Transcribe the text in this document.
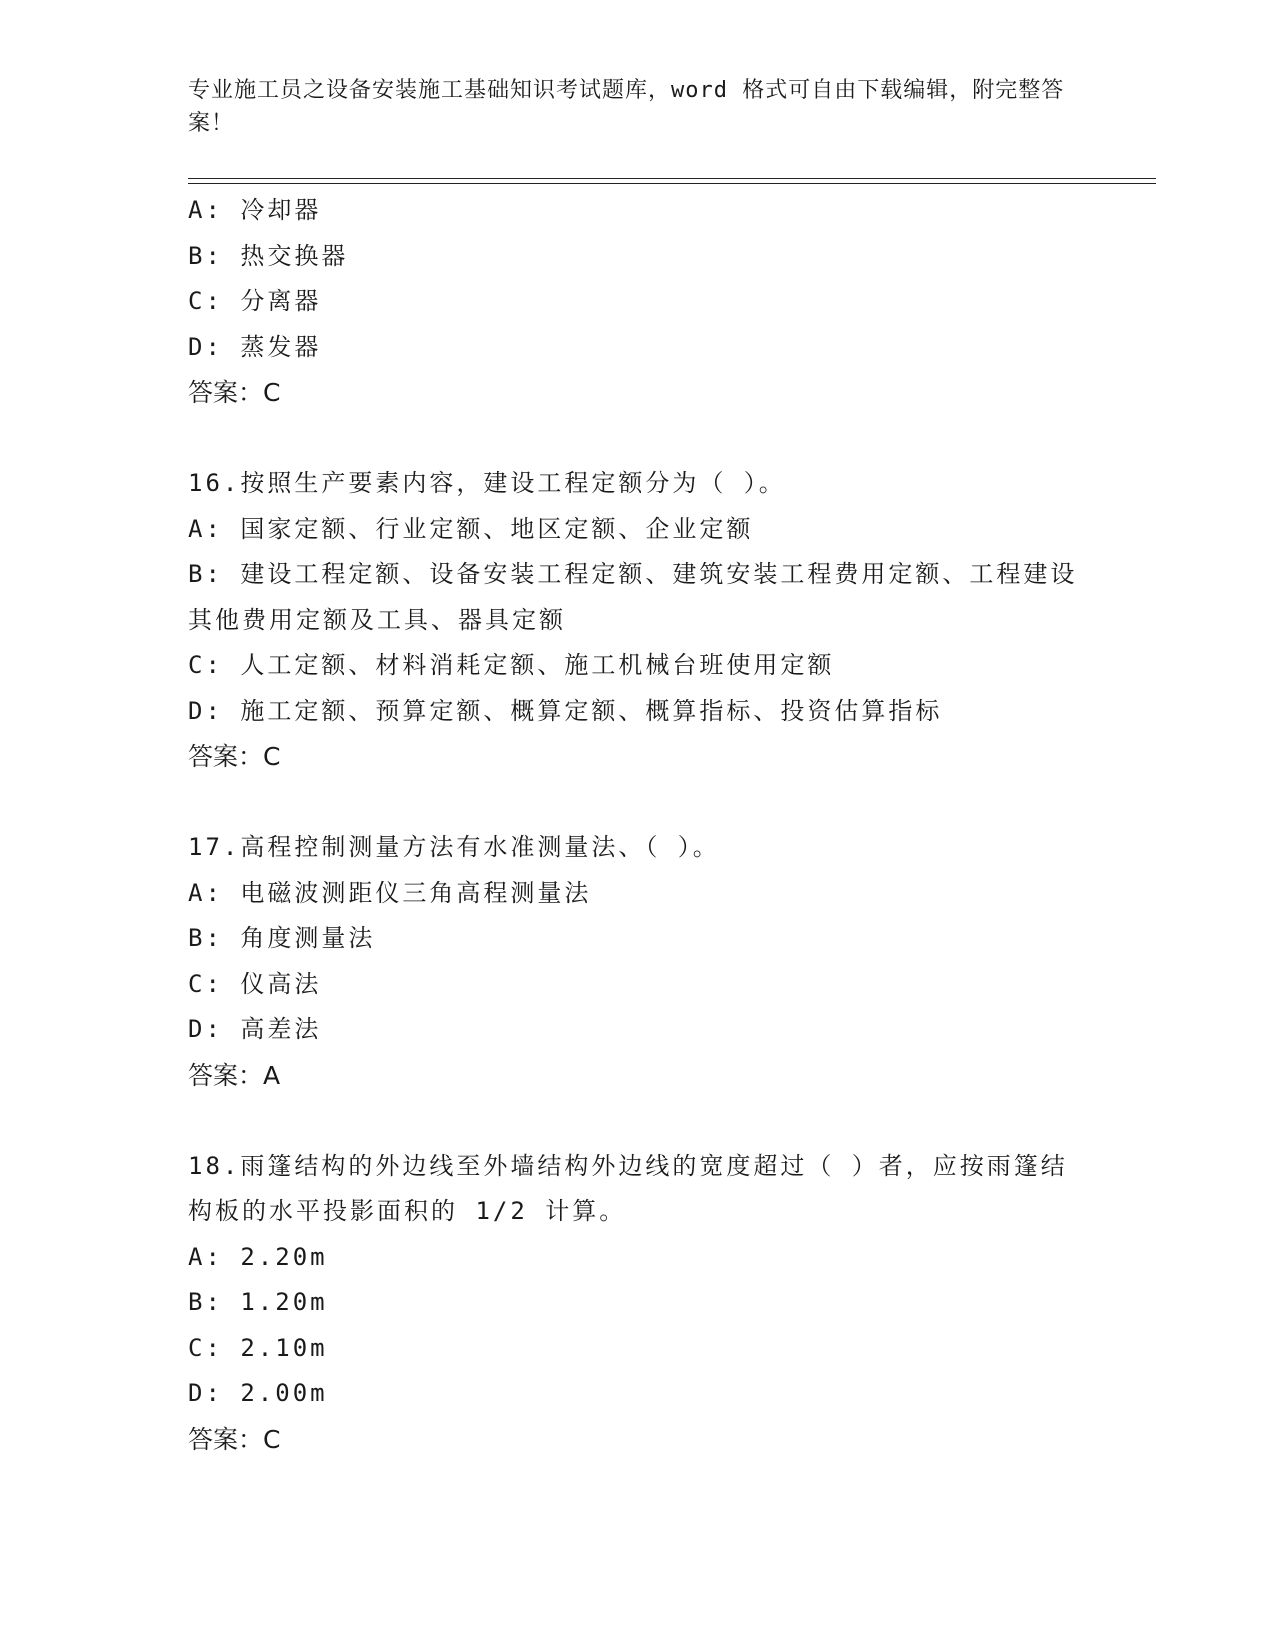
专业施工员之设备安装施工基础知识考试题库，word 格式可自由下载编辑，附完整答案！

A: 冷却器

B: 热交换器

C: 分离器

D: 蒸发器

答案：C

16.按照生产要素内容，建设工程定额分为（ ）。

A: 国家定额、行业定额、地区定额、企业定额

B: 建设工程定额、设备安装工程定额、建筑安装工程费用定额、工程建设其他费用定额及工具、器具定额

C: 人工定额、材料消耗定额、施工机械台班使用定额

D: 施工定额、预算定额、概算定额、概算指标、投资估算指标

答案：C

17.高程控制测量方法有水准测量法、（ ）。

A: 电磁波测距仪三角高程测量法

B: 角度测量法

C: 仪高法

D: 高差法

答案：A

18.雨篷结构的外边线至外墙结构外边线的宽度超过（ ）者，应按雨篷结构板的水平投影面积的 1/2 计算。

A: 2.20m

B: 1.20m

C: 2.10m

D: 2.00m

答案：C
